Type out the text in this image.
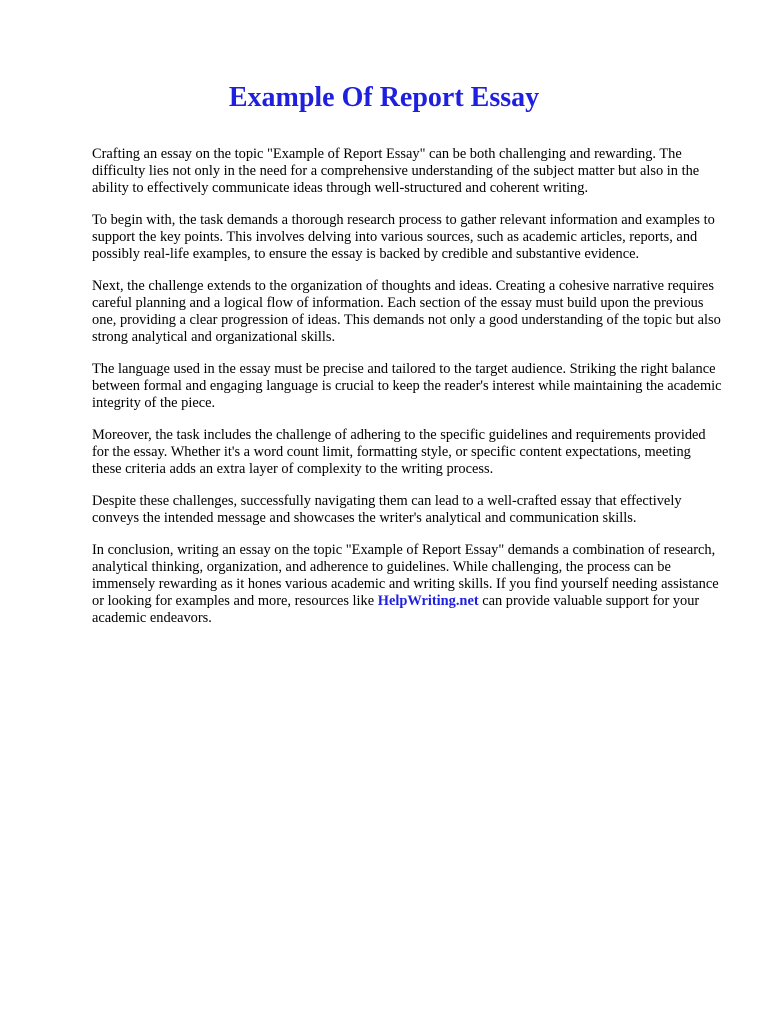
Example Of Report Essay

Crafting an essay on the topic "Example of Report Essay" can be both challenging and rewarding. The difficulty lies not only in the need for a comprehensive understanding of the subject matter but also in the ability to effectively communicate ideas through well-structured and coherent writing.

To begin with, the task demands a thorough research process to gather relevant information and examples to support the key points. This involves delving into various sources, such as academic articles, reports, and possibly real-life examples, to ensure the essay is backed by credible and substantive evidence.

Next, the challenge extends to the organization of thoughts and ideas. Creating a cohesive narrative requires careful planning and a logical flow of information. Each section of the essay must build upon the previous one, providing a clear progression of ideas. This demands not only a good understanding of the topic but also strong analytical and organizational skills.

The language used in the essay must be precise and tailored to the target audience. Striking the right balance between formal and engaging language is crucial to keep the reader's interest while maintaining the academic integrity of the piece.

Moreover, the task includes the challenge of adhering to the specific guidelines and requirements provided for the essay. Whether it's a word count limit, formatting style, or specific content expectations, meeting these criteria adds an extra layer of complexity to the writing process.

Despite these challenges, successfully navigating them can lead to a well-crafted essay that effectively conveys the intended message and showcases the writer's analytical and communication skills.

In conclusion, writing an essay on the topic "Example of Report Essay" demands a combination of research, analytical thinking, organization, and adherence to guidelines. While challenging, the process can be immensely rewarding as it hones various academic and writing skills. If you find yourself needing assistance or looking for examples and more, resources like HelpWriting.net can provide valuable support for your academic endeavors.
